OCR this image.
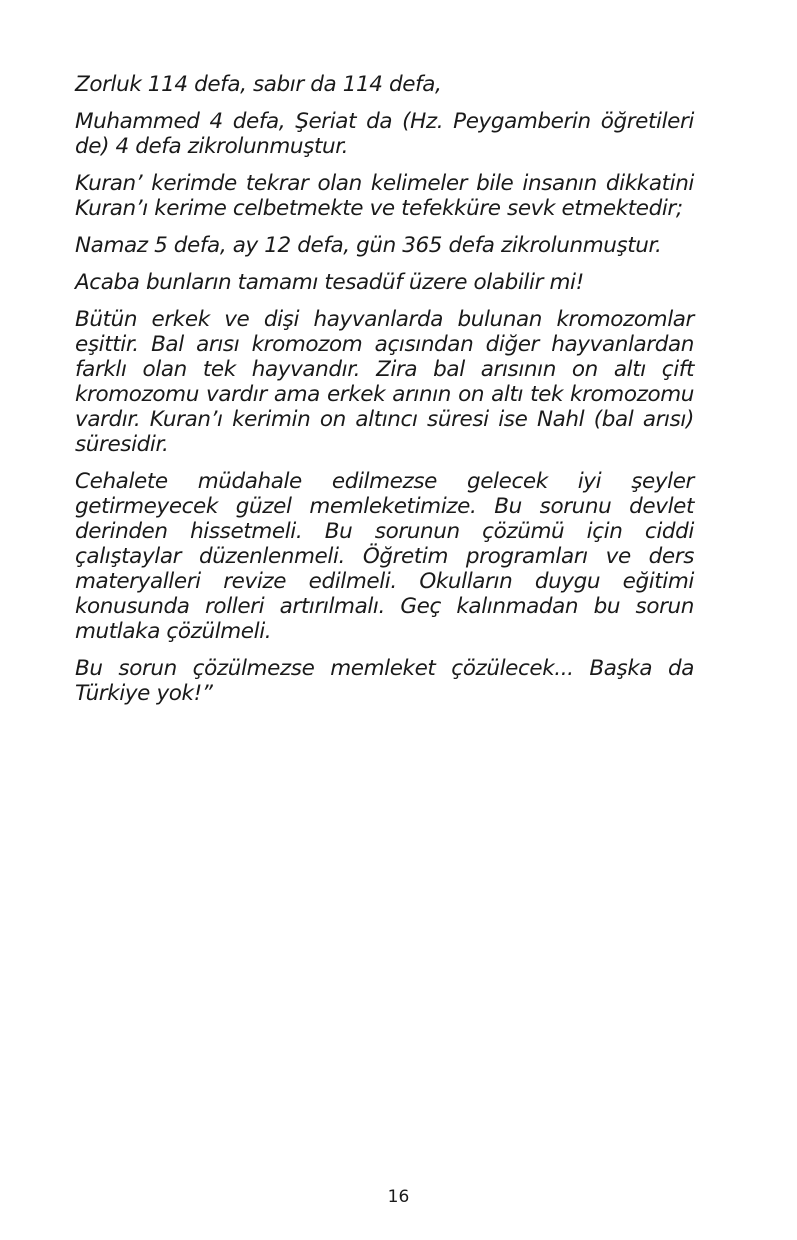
Zorluk 114 defa, sabır da 114 defa,

Muhammed 4 defa, Şeriat da (Hz. Peygamberin öğretileri de) 4 defa zikrolunmuştur.

Kuran’ kerimde tekrar olan kelimeler bile insanın dikkatini Kuran’ı kerime celbetmekte ve tefekküre sevk etmektedir;

Namaz 5 defa, ay 12 defa, gün 365 defa zikrolunmuştur.

Acaba bunların tamamı tesadüf üzere olabilir mi!

Bütün erkek ve dişi hayvanlarda bulunan kromozomlar eşittir. Bal arısı kromozom açısından diğer hayvanlardan farklı olan tek hayvandır. Zira bal arısının on altı çift kromozomu vardır ama erkek arının on altı tek kromozomu vardır. Kuran’ı kerimin on altıncı süresi ise Nahl (bal arısı) süresidir.

Cehalete müdahale edilmezse gelecek iyi şeyler getirmeyecek güzel memleketimize. Bu sorunu devlet derinden hissetmeli. Bu sorunun çözümü için ciddi çalıştaylar düzenlenmeli. Öğretim programları ve ders materyalleri revize edilmeli. Okulların duygu eğitimi konusunda rolleri artırılmalı. Geç kalınmadan bu sorun mutlaka çözülmeli.

Bu sorun çözülmezse memleket çözülecek... Başka da Türkiye yok!”

16
